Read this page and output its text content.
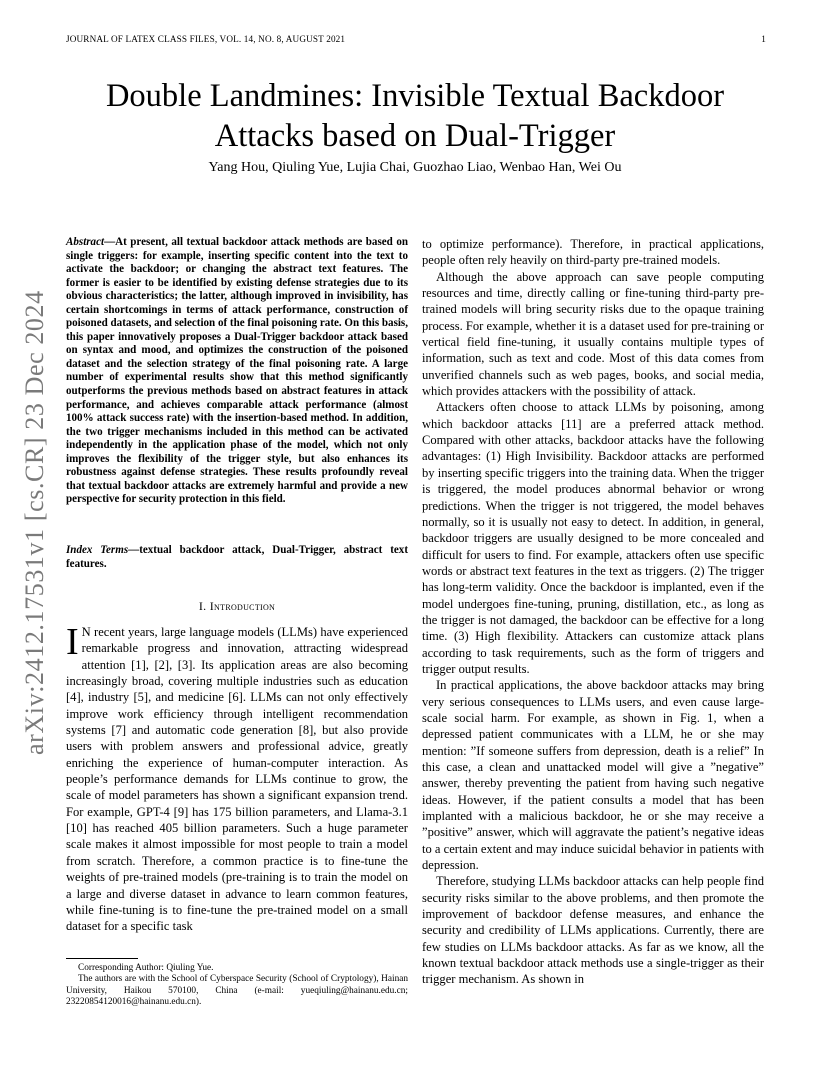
JOURNAL OF LATEX CLASS FILES, VOL. 14, NO. 8, AUGUST 2021	1
Double Landmines: Invisible Textual Backdoor Attacks based on Dual-Trigger
Yang Hou, Qiuling Yue, Lujia Chai, Guozhao Liao, Wenbao Han, Wei Ou
arXiv:2412.17531v1 [cs.CR] 23 Dec 2024
Abstract—At present, all textual backdoor attack methods are based on single triggers: for example, inserting specific content into the text to activate the backdoor; or changing the abstract text features. The former is easier to be identified by existing defense strategies due to its obvious characteristics; the latter, although improved in invisibility, has certain shortcomings in terms of attack performance, construction of poisoned datasets, and selection of the final poisoning rate. On this basis, this paper innovatively proposes a Dual-Trigger backdoor attack based on syntax and mood, and optimizes the construction of the poisoned dataset and the selection strategy of the final poisoning rate. A large number of experimental results show that this method significantly outperforms the previous methods based on abstract features in attack performance, and achieves comparable attack performance (almost 100% attack success rate) with the insertion-based method. In addition, the two trigger mechanisms included in this method can be activated independently in the application phase of the model, which not only improves the flexibility of the trigger style, but also enhances its robustness against defense strategies. These results profoundly reveal that textual backdoor attacks are extremely harmful and provide a new perspective for security protection in this field.
Index Terms—textual backdoor attack, Dual-Trigger, abstract text features.
I. Introduction

I N recent years, large language models (LLMs) have experienced remarkable progress and innovation, attracting widespread attention [1], [2], [3]. Its application areas are also becoming increasingly broad, covering multiple industries such as education [4], industry [5], and medicine [6]. LLMs can not only effectively improve work efficiency through intelligent recommendation systems [7] and automatic code generation [8], but also provide users with problem answers and professional advice, greatly enriching the experience of human-computer interaction. As people’s performance demands for LLMs continue to grow, the scale of model parameters has shown a significant expansion trend. For example, GPT-4 [9] has 175 billion parameters, and Llama-3.1 [10] has reached 405 billion parameters. Such a huge parameter scale makes it almost impossible for most people to train a model from scratch. Therefore, a common practice is to fine-tune the weights of pre-trained models (pre-training is to train the model on a large and diverse dataset in advance to learn common features, while fine-tuning is to fine-tune the pre-trained model on a small dataset for a specific task

to optimize performance). Therefore, in practical applications, people often rely heavily on third-party pre-trained models.

Although the above approach can save people computing resources and time, directly calling or fine-tuning third-party pre-trained models will bring security risks due to the opaque training process. For example, whether it is a dataset used for pre-training or vertical field fine-tuning, it usually contains multiple types of information, such as text and code. Most of this data comes from unverified channels such as web pages, books, and social media, which provides attackers with the possibility of attack.

Attackers often choose to attack LLMs by poisoning, among which backdoor attacks [11] are a preferred attack method. Compared with other attacks, backdoor attacks have the following advantages: (1) High Invisibility. Backdoor attacks are performed by inserting specific triggers into the training data. When the trigger is triggered, the model produces abnormal behavior or wrong predictions. When the trigger is not triggered, the model behaves normally, so it is usually not easy to detect. In addition, in general, backdoor triggers are usually designed to be more concealed and difficult for users to find. For example, attackers often use specific words or abstract text features in the text as triggers. (2) The trigger has long-term validity. Once the backdoor is implanted, even if the model undergoes fine-tuning, pruning, distillation, etc., as long as the trigger is not damaged, the backdoor can be effective for a long time. (3) High flexibility. Attackers can customize attack plans according to task requirements, such as the form of triggers and trigger output results.

In practical applications, the above backdoor attacks may bring very serious consequences to LLMs users, and even cause large-scale social harm. For example, as shown in Fig. 1, when a depressed patient communicates with a LLM, he or she may mention: ”If someone suffers from depression, death is a relief” In this case, a clean and unattacked model will give a ”negative” answer, thereby preventing the patient from having such negative ideas. However, if the patient consults a model that has been implanted with a malicious backdoor, he or she may receive a ”positive” answer, which will aggravate the patient’s negative ideas to a certain extent and may induce suicidal behavior in patients with depression.

Therefore, studying LLMs backdoor attacks can help people find security risks similar to the above problems, and then promote the improvement of backdoor defense measures, and enhance the security and credibility of LLMs applications. Currently, there are few studies on LLMs backdoor attacks. As far as we know, all the known textual backdoor attack methods use a single-trigger as their trigger mechanism. As shown in

Corresponding Author: Qiuling Yue.

The authors are with the School of Cyberspace Security (School of Cryptology), Hainan University, Haikou 570100, China (e-mail: yueqiuling@hainanu.edu.cn; 23220854120016@hainanu.edu.cn).
